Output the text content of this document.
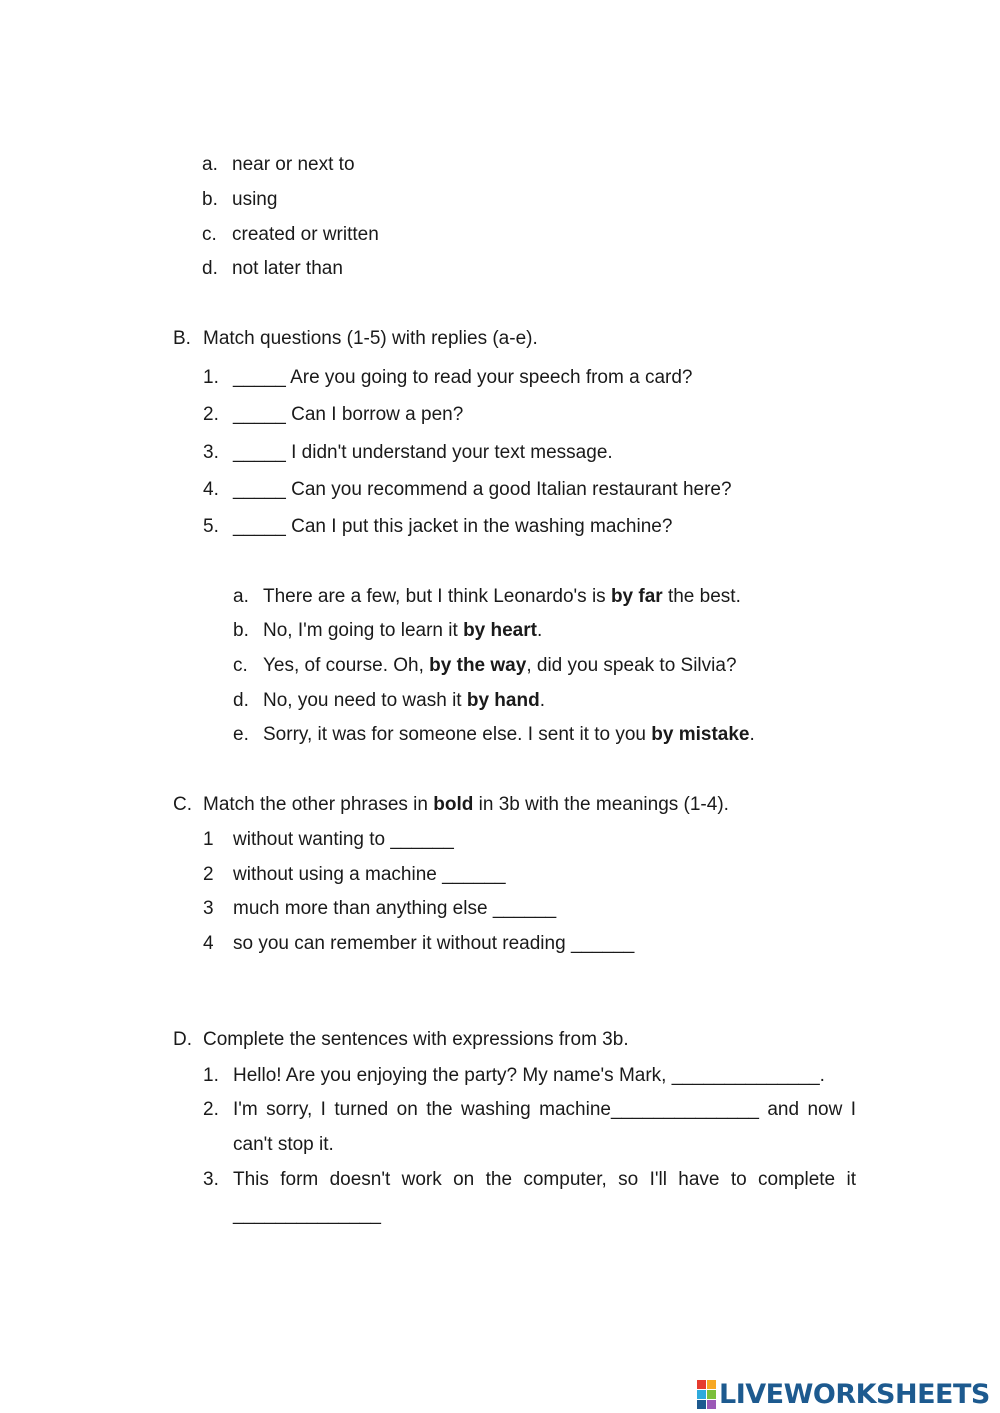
a. near or next to
b. using
c. created or written
d. not later than
B. Match questions (1-5) with replies (a-e).
1. _____ Are you going to read your speech from a card?
2. _____ Can I borrow a pen?
3. _____ I didn't understand your text message.
4. _____ Can you recommend a good Italian restaurant here?
5. _____ Can I put this jacket in the washing machine?
a. There are a few, but I think Leonardo's is by far the best.
b. No, I'm going to learn it by heart.
c. Yes, of course. Oh, by the way, did you speak to Silvia?
d. No, you need to wash it by hand.
e. Sorry, it was for someone else. I sent it to you by mistake.
C. Match the other phrases in bold in 3b with the meanings (1-4).
1 without wanting to ______
2 without using a machine ______
3 much more than anything else ______
4 so you can remember it without reading ______
D. Complete the sentences with expressions from 3b.
1. Hello! Are you enjoying the party? My name's Mark, ______________.
2. I'm sorry, I turned on the washing machine______________ and now I can't stop it.
3. This form doesn't work on the computer, so I'll have to complete it______________
LIVEWORKSHEETS
